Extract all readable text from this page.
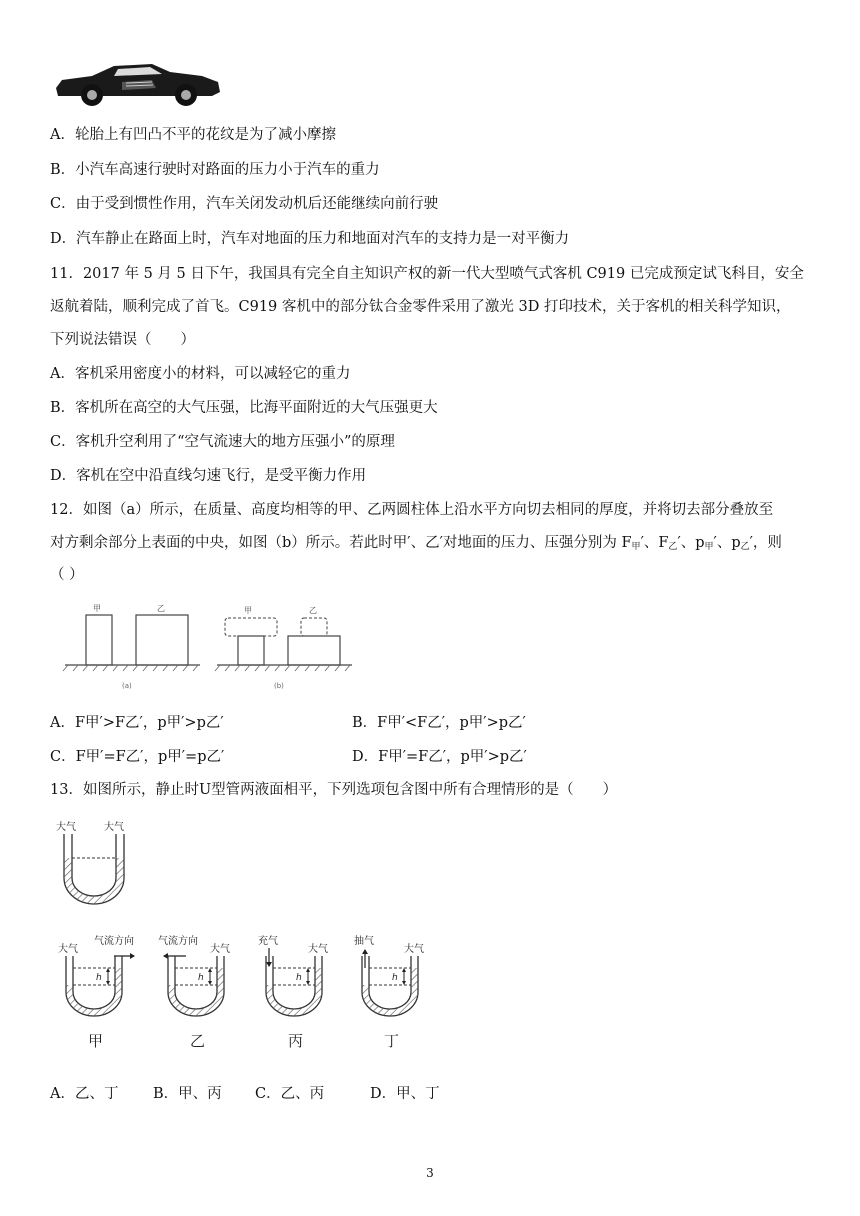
A．轮胎上有凹凸不平的花纹是为了减小摩擦
B．小汽车高速行驶时对路面的压力小于汽车的重力
C．由于受到惯性作用，汽车关闭发动机后还能继续向前行驶
D．汽车静止在路面上时，汽车对地面的压力和地面对汽车的支持力是一对平衡力
11．2017 年 5 月 5 日下午，我国具有完全自主知识产权的新一代大型喷气式客机 C919 已完成预定试飞科目，安全
返航着陆，顺利完成了首飞。C919 客机中的部分钛合金零件采用了激光 3D 打印技术，关于客机的相关科学知识，
下列说法错误（　　）
A．客机采用密度小的材料，可以减轻它的重力
B．客机所在高空的大气压强，比海平面附近的大气压强更大
C．客机升空利用了“空气流速大的地方压强小”的原理
D．客机在空中沿直线匀速飞行，是受平衡力作用
12．如图（a）所示，在质量、高度均相等的甲、乙两圆柱体上沿水平方向切去相同的厚度，并将切去部分叠放至
对方剩余部分上表面的中央，如图（b）所示。若此时甲′、乙′对地面的压力、压强分别为 $F_甲'$、$F_乙'$、$p_甲'$、$p_乙'$，则
（ ）
甲	乙
(a)
甲	乙
(b)
A．F甲′>F乙′，p甲′>p乙′	B．F甲′<F乙′，p甲′>p乙′
C．F甲′=F乙′，p甲′=p乙′	D．F甲′=F乙′，p甲′>p乙′
13．如图所示，静止时U型管两液面相平，下列选项包含图中所有合理情形的是（　　）
大气	大气
大气
气流方向
h
甲
气流方向
大气
h
乙
充气
大气
h
丙
抽气
大气
h
丁
A．乙、丁 B．甲、丙 C．乙、丙	D．甲、丁
3
